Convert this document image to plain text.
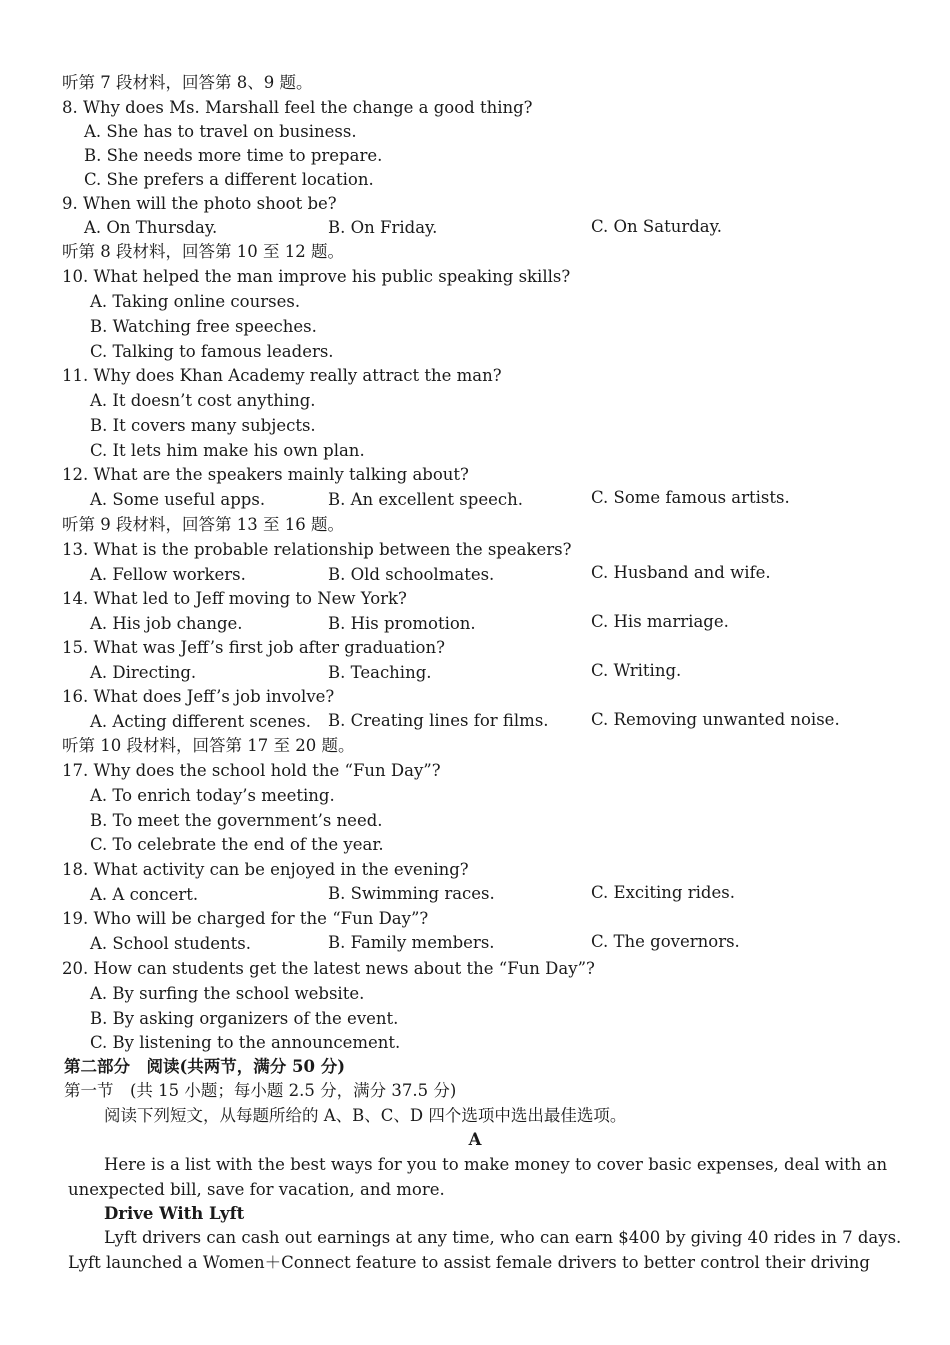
听第 7 段材料，回答第 8、9 题。
8. Why does Ms. Marshall feel the change a good thing?
A. She has to travel on business.
B. She needs more time to prepare.
C. She prefers a different location.
9. When will the photo shoot be?
A. On Thursday.	B. On Friday.	C. On Saturday.
听第 8 段材料，回答第 10 至 12 题。
10. What helped the man improve his public speaking skills?
A. Taking online courses.
B. Watching free speeches.
C. Talking to famous leaders.
11. Why does Khan Academy really attract the man?
A. It doesn’t cost anything.
B. It covers many subjects.
C. It lets him make his own plan.
12. What are the speakers mainly talking about?
A. Some useful apps.	B. An excellent speech.	C. Some famous artists.
听第 9 段材料，回答第 13 至 16 题。
13. What is the probable relationship between the speakers?
A. Fellow workers.	B. Old schoolmates.	C. Husband and wife.
14. What led to Jeff moving to New York?
A. His job change.	B. His promotion.	C. His marriage.
15. What was Jeff’s first job after graduation?
A. Directing.	B. Teaching.	C. Writing.
16. What does Jeff’s job involve?
A. Acting different scenes. B. Creating lines for films.	C. Removing unwanted noise.
听第 10 段材料，回答第 17 至 20 题。
17. Why does the school hold the “Fun Day”?
A. To enrich today’s meeting.
B. To meet the government’s need.
C. To celebrate the end of the year.
18. What activity can be enjoyed in the evening?
A. A concert.	B. Swimming races.	C. Exciting rides.
19. Who will be charged for the “Fun Day”?
A. School students.	B. Family members.	C. The governors.
20. How can students get the latest news about the “Fun Day”?
A. By surfing the school website.
B. By asking organizers of the event.
C. By listening to the announcement.
第二部分　阅读(共两节，满分 50 分)
第一节　(共 15 小题；每小题 2.5 分，满分 37.5 分)
阅读下列短文，从每题所给的 A、B、C、D 四个选项中选出最佳选项。
A
Here is a list with the best ways for you to make money to cover basic expenses, deal with an
unexpected bill, save for vacation, and more.
Drive With Lyft
Lyft drivers can cash out earnings at any time, who can earn $400 by giving 40 rides in 7 days.
Lyft launched a Women＋Connect feature to assist female drivers to better control their driving
